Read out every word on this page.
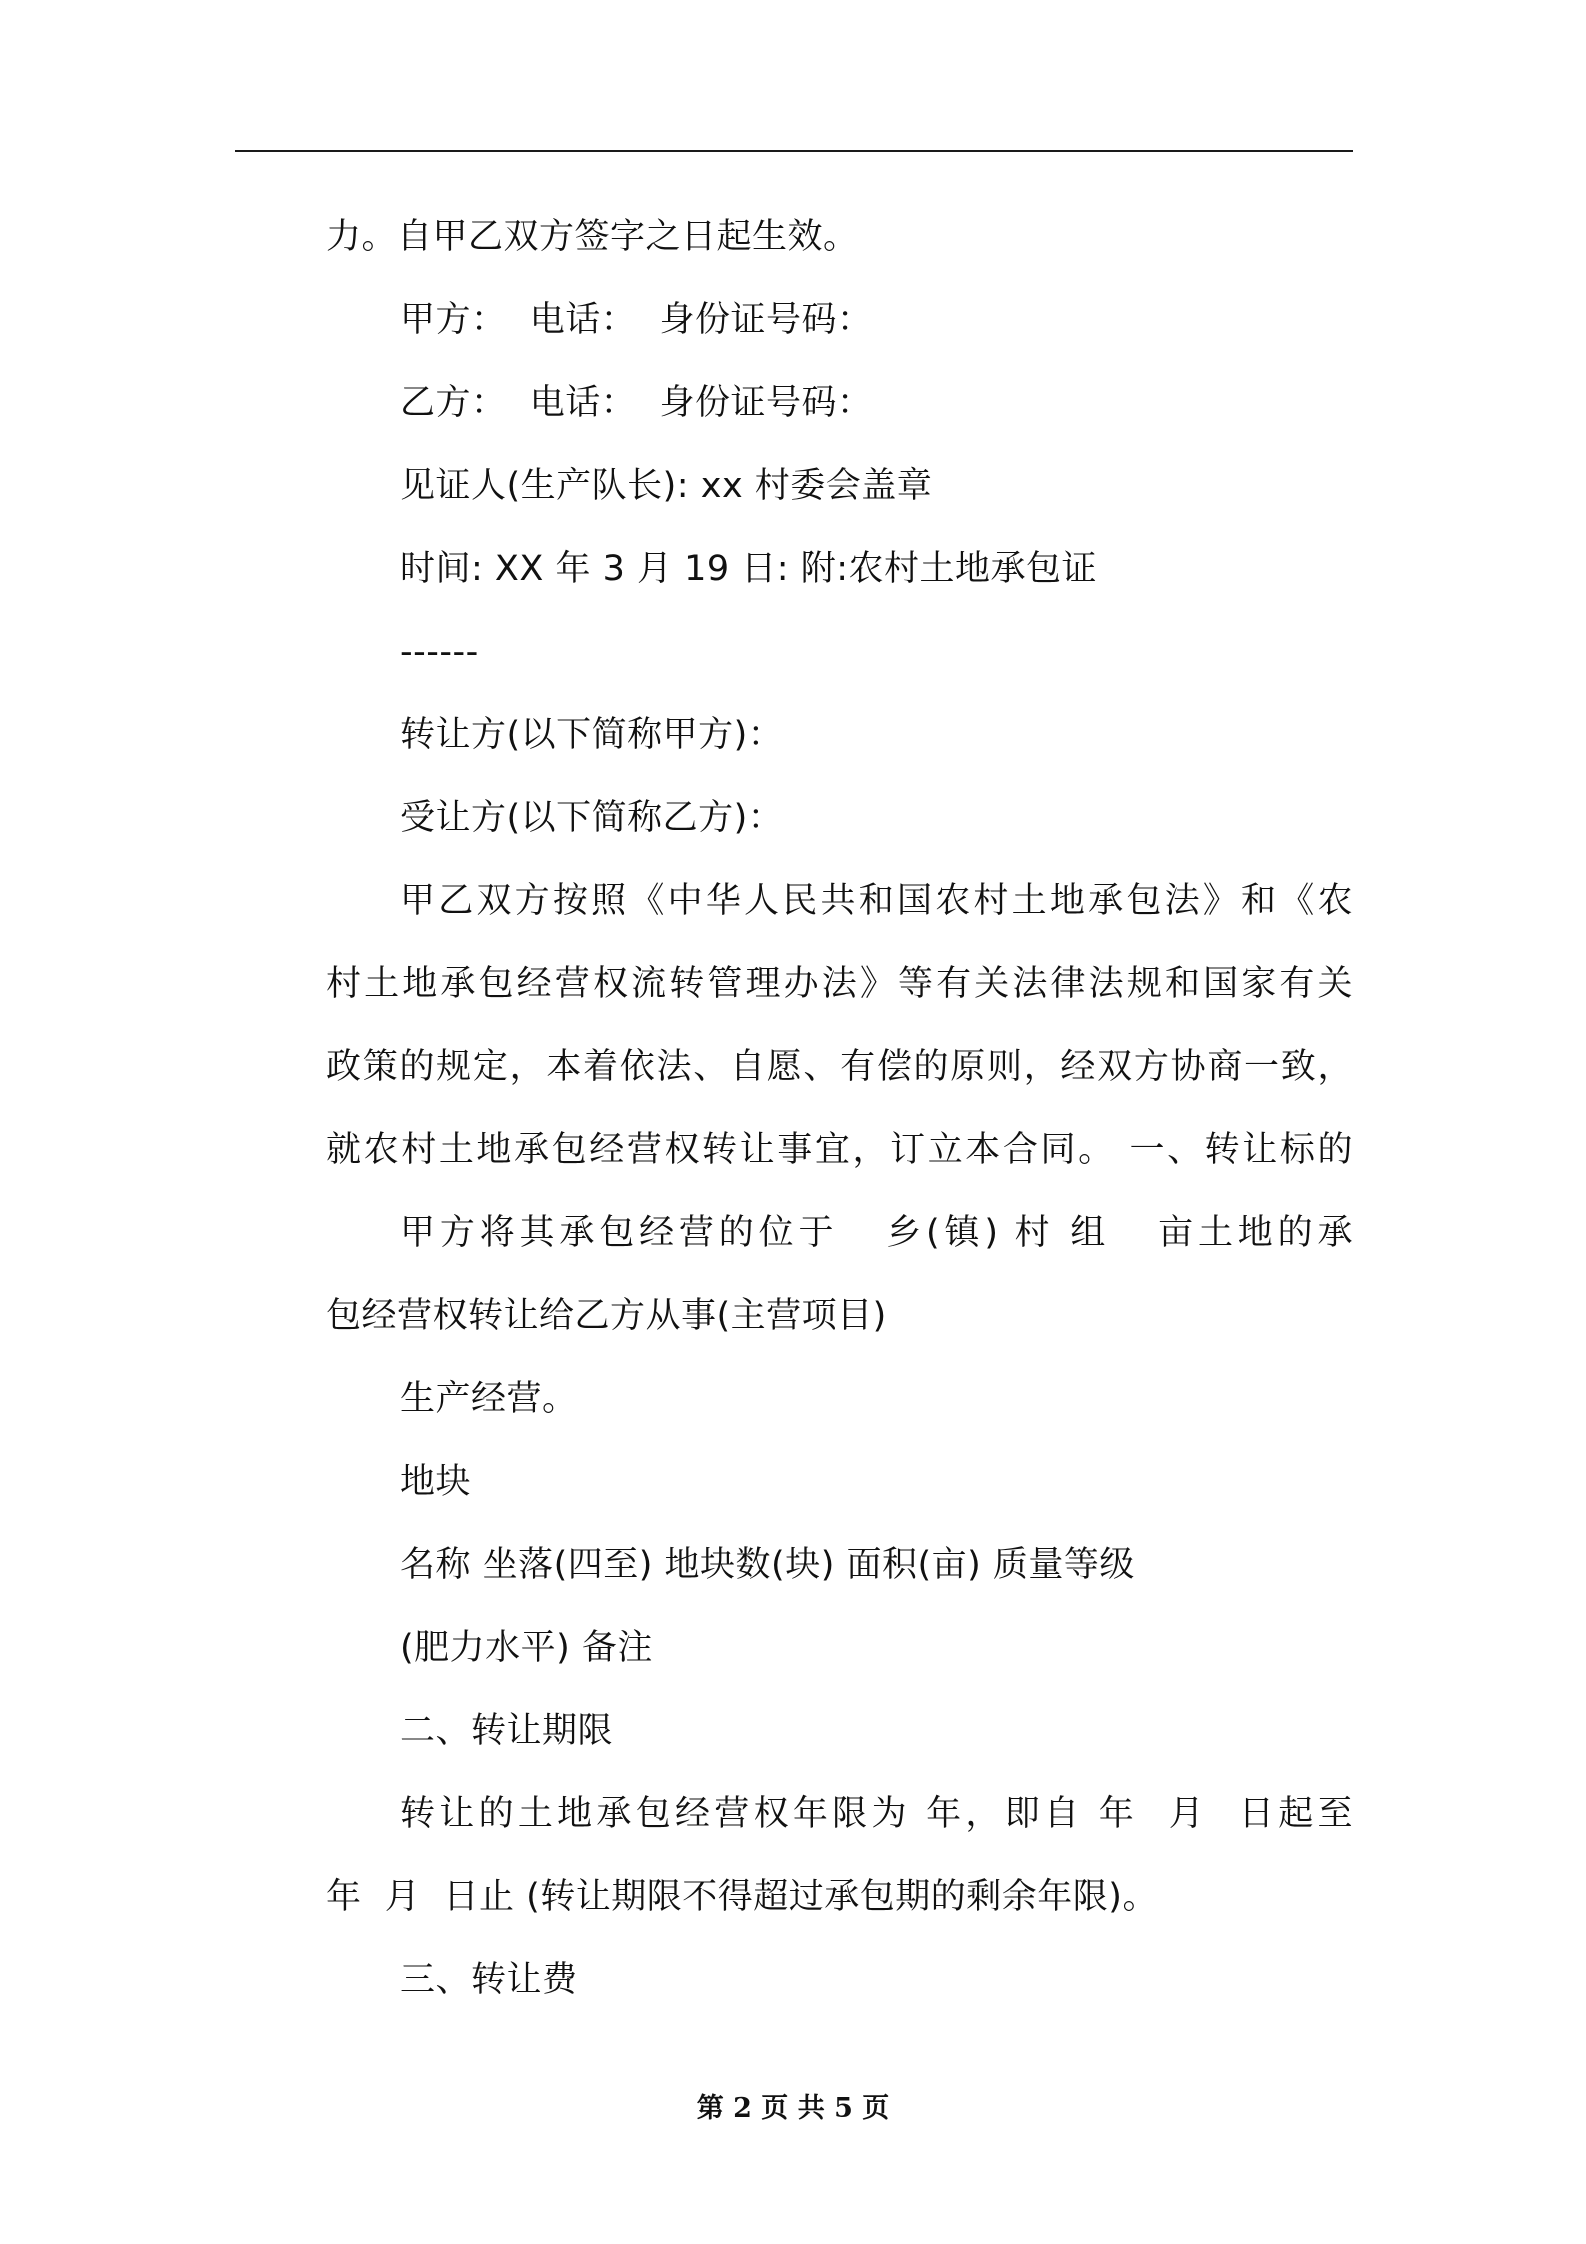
力。自甲乙双方签字之日起生效。
甲方：  电话：  身份证号码：
乙方：  电话：  身份证号码：
见证人(生产队长): xx 村委会盖章
时间: XX 年 3 月 19 日: 附:农村土地承包证
------
转让方(以下简称甲方)：
受让方(以下简称乙方)：
甲乙双方按照《中华人民共和国农村土地承包法》和《农
村土地承包经营权流转管理办法》等有关法律法规和国家有关
政策的规定，本着依法、自愿、有偿的原则，经双方协商一致，
就农村土地承包经营权转让事宜，订立本合同。 一、转让标的
甲方将其承包经营的位于   乡(镇) 村 组   亩土地的承
包经营权转让给乙方从事(主营项目)
生产经营。
地块
名称 坐落(四至) 地块数(块) 面积(亩) 质量等级
(肥力水平) 备注
二、转让期限
转让的土地承包经营权年限为 年，即自 年  月  日起至
年  月  日止 (转让期限不得超过承包期的剩余年限)。
三、转让费
第 2 页 共 5 页
